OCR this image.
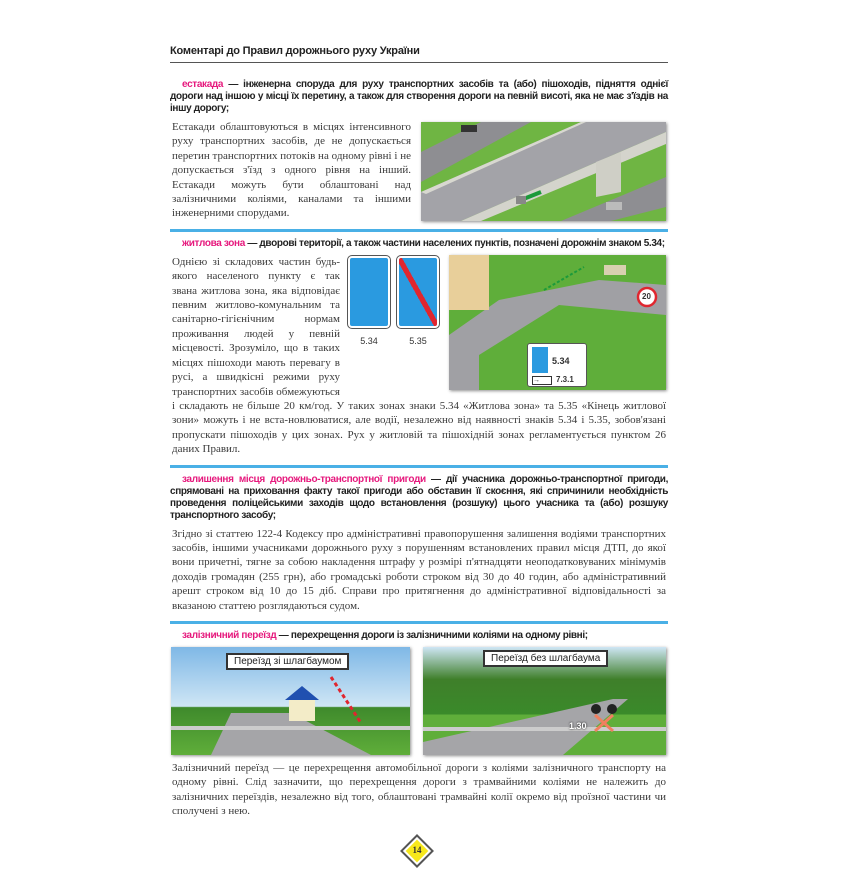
Коментарі до Правил дорожнього руху України
естакада — інженерна споруда для руху транспортних засобів та (або) пішоходів, підняття однієї дороги над іншою у місці їх перетину, а також для створення дороги на певній висоті, яка не має з'їздів на іншу дорогу;
Естакади облаштовуються в місцях інтенсивного руху транспортних засобів, де не допускається перетин транспортних потоків на одному рівні і не допускається з'їзд з одного рівня на інший. Естакади можуть бути облаштовані над залізничними коліями, каналами та іншими інженерними спорудами.
житлова зона — дворові території, а також частини населених пунктів, позначені дорожнім знаком 5.34;
5.34	5.35
20
5.34
→	7.3.1
Однією зі складових частин будь-якого населеного пункту є так звана житлова зона, яка відповідає певним житлово-комунальним та санітарно-гігієнічним нормам проживання людей у певній місцевості. Зрозуміло, що в таких місцях пішоходи мають перевагу в русі, а швидкісні режими руху транспортних засобів обмежуються і складають не більше 20 км/год. У таких зонах знаки 5.34 «Житлова зона» та 5.35 «Кінець житлової зони» можуть і не вста-новлюватися, але водії, незалежно від наявності знаків 5.34 і 5.35, зобов'язані пропускати пішоходів у цих зонах. Рух у житловій та пішохідній зонах регламентується пунктом 26 даних Правил.
залишення місця дорожньо-транспортної пригоди — дії учасника дорожньо-транспортної пригоди, спрямовані на приховання факту такої пригоди або обставин її скоєння, які спричинили необхідність проведення поліцейськими заходів щодо встановлення (розшуку) цього учасника та (або) розшуку транспортного засобу;
Згідно зі статтею 122-4 Кодексу про адміністративні правопорушення залишення водіями транспортних засобів, іншими учасниками дорожнього руху з порушенням встановлених правил місця ДТП, до якої вони причетні, тягне за собою накладення штрафу у розмірі п'ятнадцяти неоподатковуваних мінімумів доходів громадян (255 грн), або громадські роботи строком від 30 до 40 годин, або адміністративний арешт строком від 10 до 15 діб. Справи про притягнення до адміністративної відповідальності за вказаною статтею розглядаються судом.
залізничний переїзд — перехрещення дороги із залізничними коліями на одному рівні;
Переїзд зі шлагбаумом	Переїзд без шлагбаума
1.30
Залізничний переїзд — це перехрещення автомобільної дороги з коліями залізничного транспорту на одному рівні. Слід зазначити, що перехрещення дороги з трамвайними коліями не належить до залізничних переїздів, незалежно від того, облаштовані трамвайні колії окремо від проїзної частини чи сполучені з нею.
14
